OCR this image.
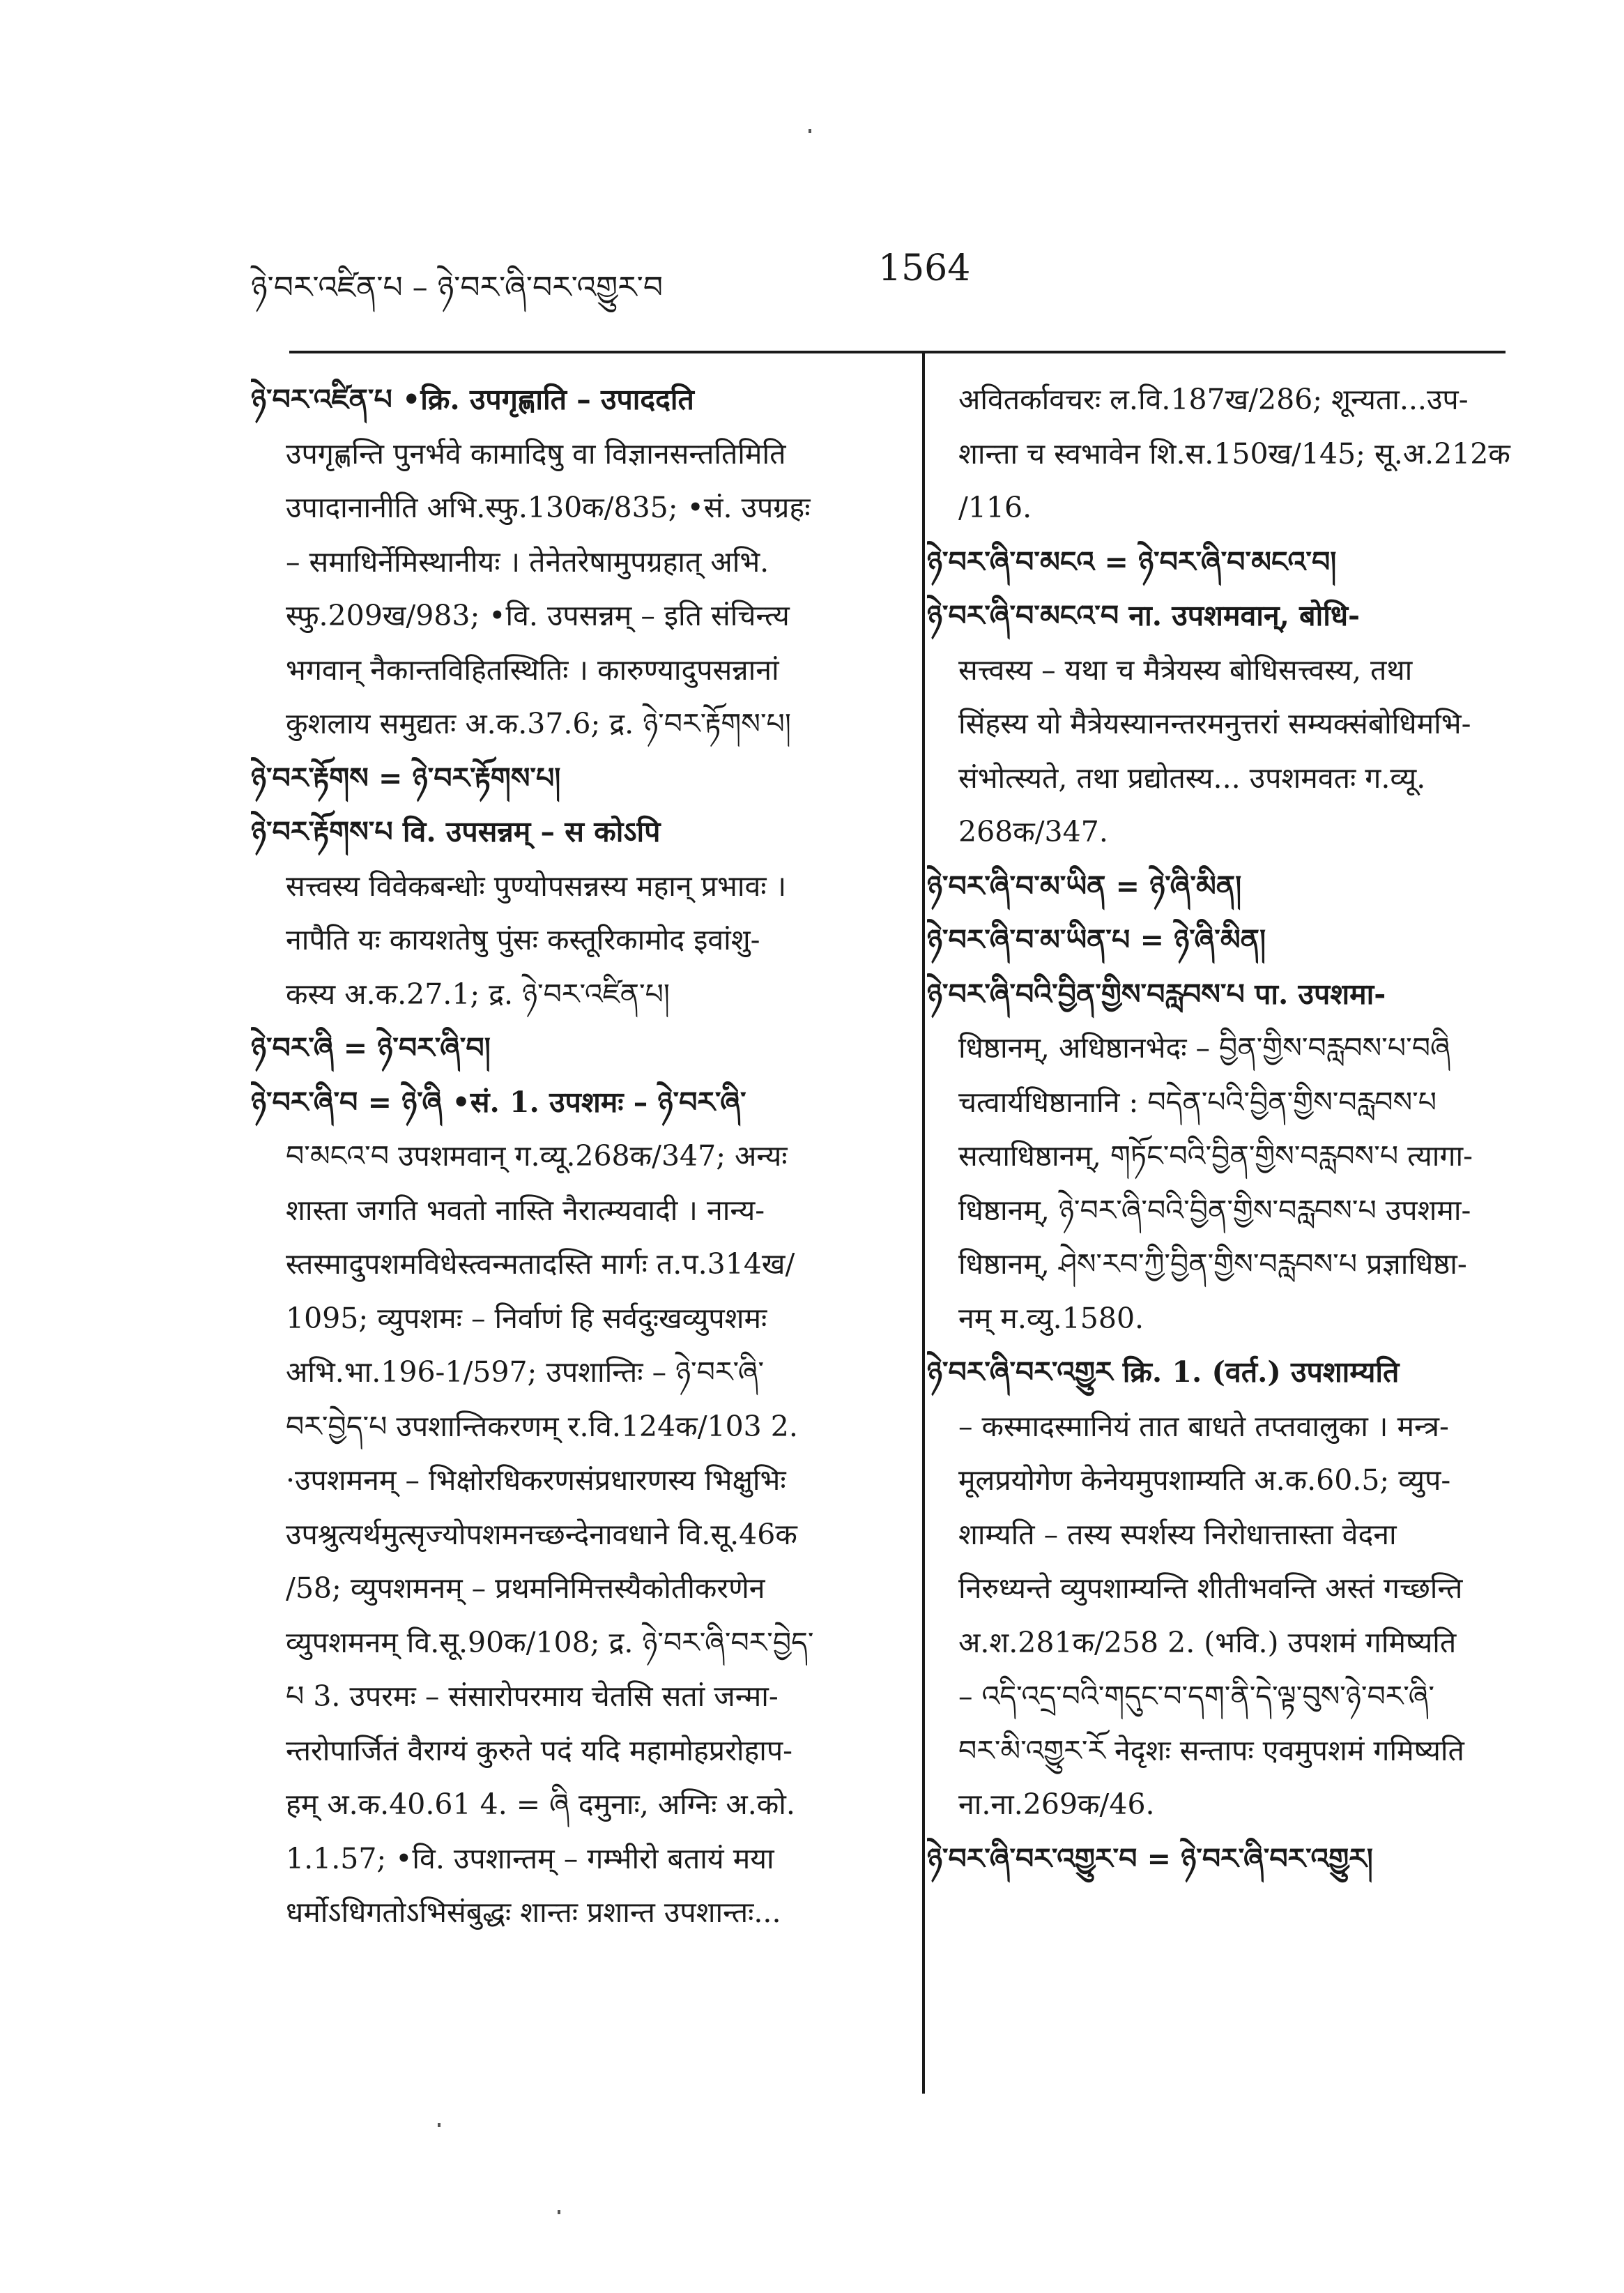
ཉེ་བར་འཛིན་པ – ཉེ་བར་ཞི་བར་འགྱུར་བ	1564
ཉེ་བར་འཛིན་པ •क्रि. उपगृह्णाति – उपाददति
उपगृह्णन्ति पुनर्भवे कामादिषु वा विज्ञानसन्ततिमिति
उपादानानीति अभि.स्फु.130क/835; •सं. उपग्रहः
– समाधिर्नेमिस्थानीयः । तेनेतरेषामुपग्रहात् अभि.
स्फु.209ख/983; •वि. उपसन्नम् – इति संचिन्त्य
भगवान् नैकान्तविहितस्थितिः । कारुण्यादुपसन्नानां
कुशलाय समुद्यतः अ.क.37.6; द्र. ཉེ་བར་རྟོགས་པ།
ཉེ་བར་རྟོགས = ཉེ་བར་རྟོགས་པ།
ཉེ་བར་རྟོགས་པ वि. उपसन्नम् – स कोऽपि
सत्त्वस्य विवेकबन्धोः पुण्योपसन्नस्य महान् प्रभावः ।
नापैति यः कायशतेषु पुंसः कस्तूरिकामोद इवांशु-
कस्य अ.क.27.1; द्र. ཉེ་བར་འཛིན་པ།
ཉེ་བར་ཞི = ཉེ་བར་ཞི་བ།
ཉེ་བར་ཞི་བ = ཉེ་ཞི •सं. 1. उपशमः – ཉེ་བར་ཞི་
བ་མངའ་བ उपशमवान् ग.व्यू.268क/347; अन्यः
शास्ता जगति भवतो नास्ति नैरात्म्यवादी । नान्य-
स्तस्मादुपशमविधेस्त्वन्मतादस्ति मार्गः त.प.314ख/
1095; व्युपशमः – निर्वाणं हि सर्वदुःखव्युपशमः
अभि.भा.196-1/597; उपशान्तिः – ཉེ་བར་ཞི་
བར་བྱེད་པ उपशान्तिकरणम् र.वि.124क/103 2.
·उपशमनम् – भिक्षोरधिकरणसंप्रधारणस्य भिक्षुभिः
उपश्रुत्यर्थमुत्सृज्योपशमनच्छन्देनावधाने वि.सू.46क
/58; व्युपशमनम् – प्रथमनिमित्तस्यैकोतीकरणेन
व्युपशमनम् वि.सू.90क/108; द्र. ཉེ་བར་ཞི་བར་བྱེད་
པ 3. उपरमः – संसारोपरमाय चेतसि सतां जन्मा-
न्तरोपार्जितं वैराग्यं कुरुते पदं यदि महामोहप्ररोहाप-
हम् अ.क.40.61 4. = ཞི दमुनाः, अग्निः अ.को.
1.1.57; •वि. उपशान्तम् – गम्भीरो बतायं मया
धर्मोऽधिगतोऽभिसंबुद्धः शान्तः प्रशान्त उपशान्तः...
अवितर्कावचरः ल.वि.187ख/286; शून्यता...उप-
शान्ता च स्वभावेन शि.स.150ख/145; सू.अ.212क
/116.
ཉེ་བར་ཞི་བ་མངའ = ཉེ་བར་ཞི་བ་མངའ་བ།
ཉེ་བར་ཞི་བ་མངའ་བ ना. उपशमवान्, बोधि-
सत्त्वस्य – यथा च मैत्रेयस्य बोधिसत्त्वस्य, तथा
सिंहस्य यो मैत्रेयस्यानन्तरमनुत्तरां सम्यक्संबोधिमभि-
संभोत्स्यते, तथा प्रद्योतस्य... उपशमवतः ग.व्यू.
268क/347.
ཉེ་བར་ཞི་བ་མ་ཡིན = ཉེ་ཞི་མིན།
ཉེ་བར་ཞི་བ་མ་ཡིན་པ = ཉེ་ཞི་མིན།
ཉེ་བར་ཞི་བའི་བྱིན་གྱིས་བརླབས་པ पा. उपशमा-
धिष्ठानम्, अधिष्ठानभेदः – བྱིན་གྱིས་བརླབས་པ་བཞི
चत्वार्यधिष्ठानानि : བདེན་པའི་བྱིན་གྱིས་བརླབས་པ
सत्याधिष्ठानम्, གཏོང་བའི་བྱིན་གྱིས་བརླབས་པ त्यागा-
धिष्ठानम्, ཉེ་བར་ཞི་བའི་བྱིན་གྱིས་བརླབས་པ उपशमा-
धिष्ठानम्, ཤེས་རབ་ཀྱི་བྱིན་གྱིས་བརླབས་པ प्रज्ञाधिष्ठा-
नम् म.व्यु.1580.
ཉེ་བར་ཞི་བར་འགྱུར क्रि. 1. (वर्त.) उपशाम्यति
– कस्मादस्मानियं तात बाधते तप्तवालुका । मन्त्र-
मूलप्रयोगेण केनेयमुपशाम्यति अ.क.60.5; व्युप-
शाम्यति – तस्य स्पर्शस्य निरोधात्तास्ता वेदना
निरुध्यन्ते व्युपशाम्यन्ति शीतीभवन्ति अस्तं गच्छन्ति
अ.श.281क/258 2. (भवि.) उपशमं गमिष्यति
– འདི་འདྲ་བའི་གདུང་བ་དག་ནི་དེ་ལྟ་བུས་ཉེ་བར་ཞི་
བར་མི་འགྱུར་རོ नेदृशः सन्तापः एवमुपशमं गमिष्यति
ना.ना.269क/46.
ཉེ་བར་ཞི་བར་འགྱུར་བ = ཉེ་བར་ཞི་བར་འགྱུར།
